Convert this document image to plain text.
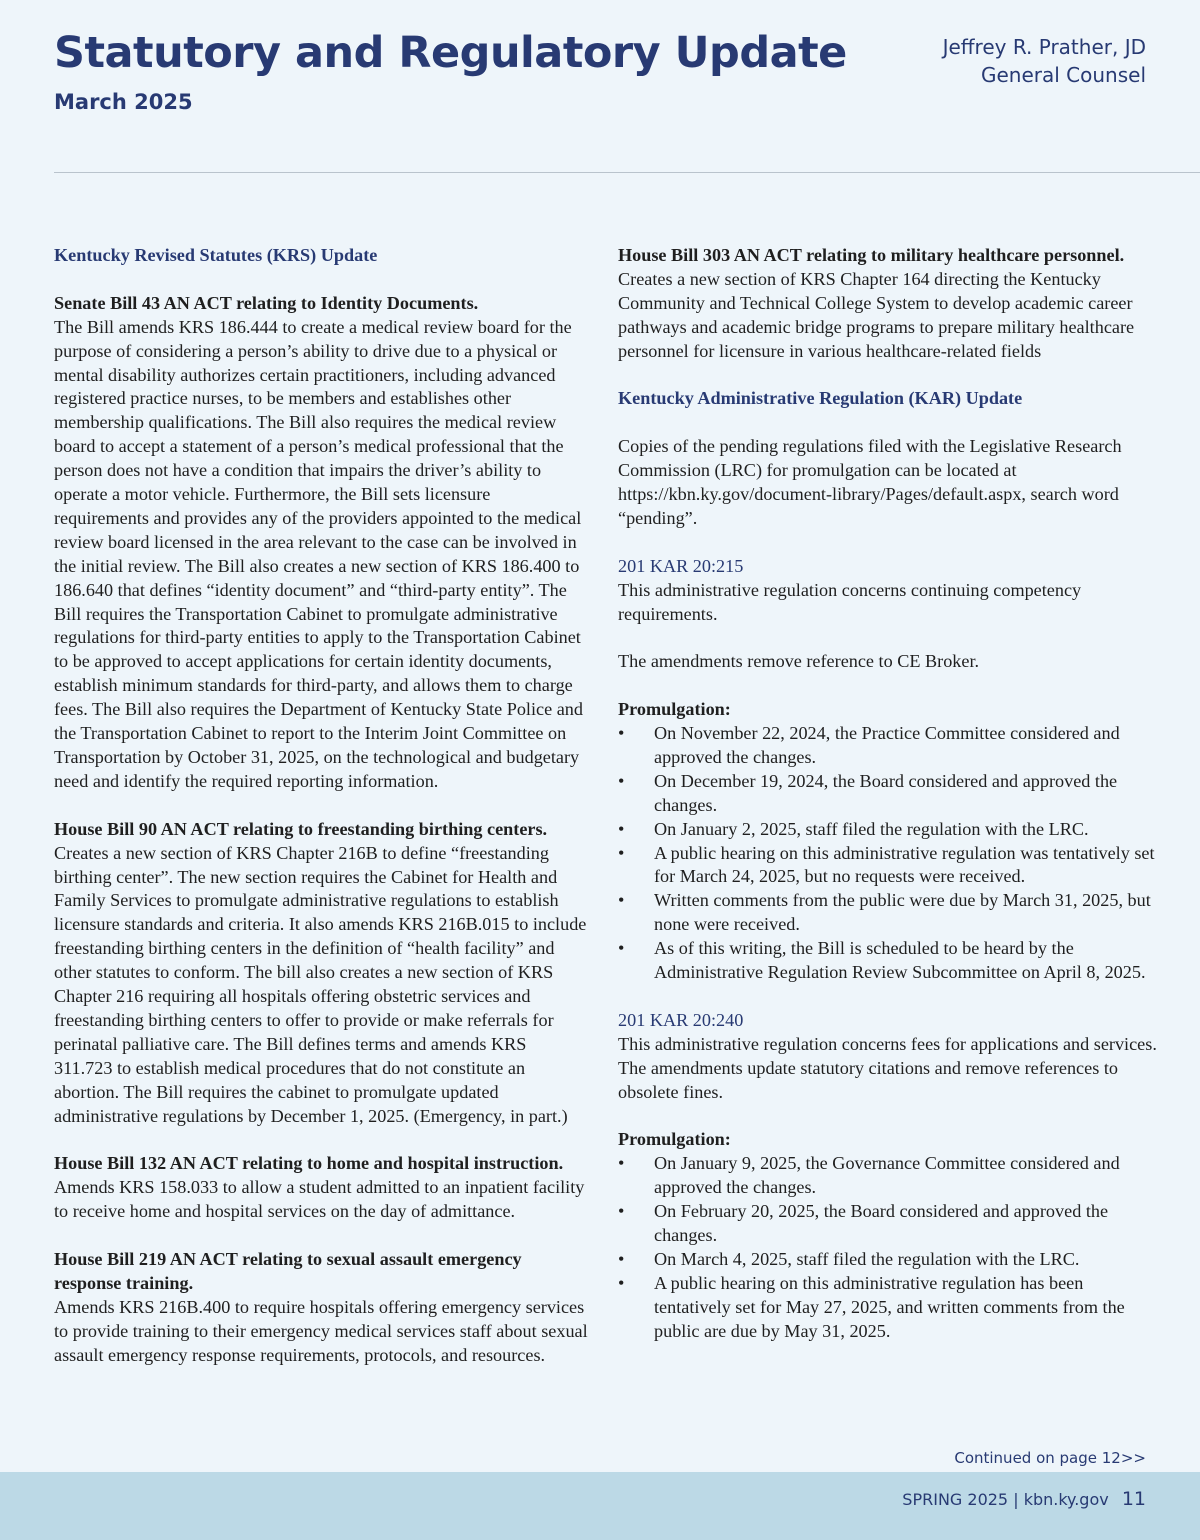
Statutory and Regulatory Update
March 2025
Jeffrey R. Prather, JD
General Counsel
Kentucky Revised Statutes (KRS) Update

Senate Bill 43 AN ACT relating to Identity Documents.

The Bill amends KRS 186.444 to create a medical review board for the purpose of considering a person’s ability to drive due to a physical or mental disability authorizes certain practitioners, including advanced registered practice nurses, to be members and establishes other membership qualifications. The Bill also requires the medical review board to accept a statement of a person’s medical professional that the person does not have a condition that impairs the driver’s ability to operate a motor vehicle. Furthermore, the Bill sets licensure requirements and provides any of the providers appointed to the medical review board licensed in the area relevant to the case can be involved in the initial review. The Bill also creates a new section of KRS 186.400 to 186.640 that defines “identity document” and “third-party entity”. The Bill requires the Transportation Cabinet to promulgate administrative regulations for third-party entities to apply to the Transportation Cabinet to be approved to accept applications for certain identity documents, establish minimum standards for third-party, and allows them to charge fees. The Bill also requires the Department of Kentucky State Police and the Transportation Cabinet to report to the Interim Joint Committee on Transportation by October 31, 2025, on the technological and budgetary need and identify the required reporting information.

House Bill 90 AN ACT relating to freestanding birthing centers.

Creates a new section of KRS Chapter 216B to define “freestanding birthing center”. The new section requires the Cabinet for Health and Family Services to promulgate administrative regulations to establish licensure standards and criteria. It also amends KRS 216B.015 to include freestanding birthing centers in the definition of “health facility” and other statutes to conform. The bill also creates a new section of KRS Chapter 216 requiring all hospitals offering obstetric services and freestanding birthing centers to offer to provide or make referrals for perinatal palliative care. The Bill defines terms and amends KRS 311.723 to establish medical procedures that do not constitute an abortion. The Bill requires the cabinet to promulgate updated administrative regulations by December 1, 2025. (Emergency, in part.)

House Bill 132 AN ACT relating to home and hospital instruction.

Amends KRS 158.033 to allow a student admitted to an inpatient facility to receive home and hospital services on the day of admittance.

House Bill 219 AN ACT relating to sexual assault emergency response training.

Amends KRS 216B.400 to require hospitals offering emergency services to provide training to their emergency medical services staff about sexual assault emergency response requirements, protocols, and resources.

House Bill 303 AN ACT relating to military healthcare personnel.

Creates a new section of KRS Chapter 164 directing the Kentucky Community and Technical College System to develop academic career pathways and academic bridge programs to prepare military healthcare personnel for licensure in various healthcare-related fields

Kentucky Administrative Regulation (KAR) Update
Copies of the pending regulations filed with the Legislative Research Commission (LRC) for promulgation can be located at https://kbn.ky.gov/document-library/Pages/default.aspx, search word “pending”.

201 KAR 20:215

This administrative regulation concerns continuing competency requirements.

The amendments remove reference to CE Broker.

Promulgation:

• On November 22, 2024, the Practice Committee considered and approved the changes.
• On December 19, 2024, the Board considered and approved the changes.
• On January 2, 2025, staff filed the regulation with the LRC.
• A public hearing on this administrative regulation was tentatively set for March 24, 2025, but no requests were received.
• Written comments from the public were due by March 31, 2025, but none were received.
• As of this writing, the Bill is scheduled to be heard by the Administrative Regulation Review Subcommittee on April 8, 2025.

201 KAR 20:240

This administrative regulation concerns fees for applications and services.

The amendments update statutory citations and remove references to obsolete fines.

Promulgation:

• On January 9, 2025, the Governance Committee considered and approved the changes.
• On February 20, 2025, the Board considered and approved the changes.
• On March 4, 2025, staff filed the regulation with the LRC.
• A public hearing on this administrative regulation has been tentatively set for May 27, 2025, and written comments from the public are due by May 31, 2025.
Continued on page 12>>
SPRING 2025 | kbn.ky.gov 11
